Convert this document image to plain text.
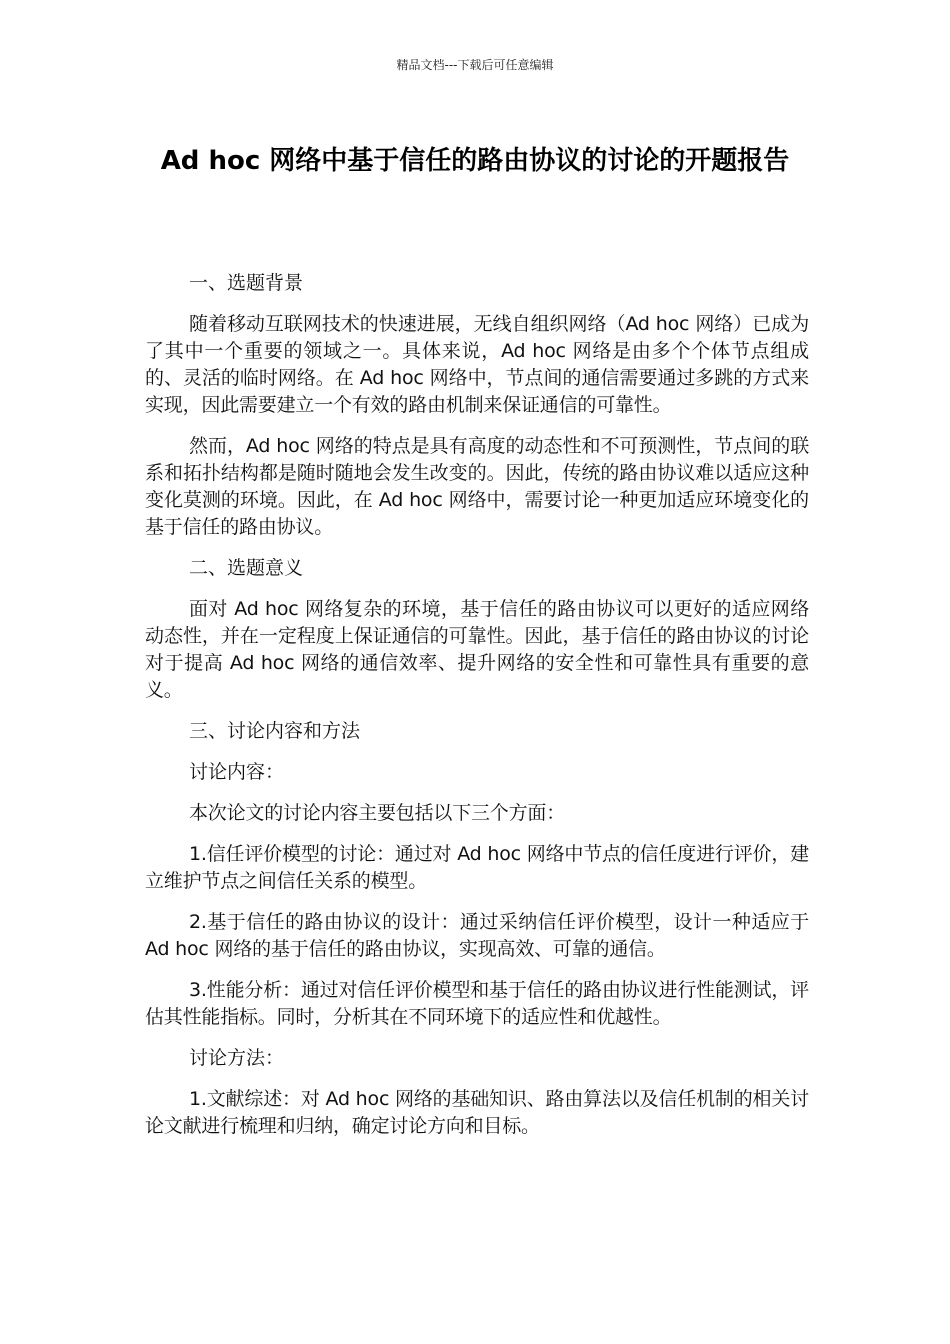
精品文档---下载后可任意编辑
Ad hoc 网络中基于信任的路由协议的讨论的开题报告

一、选题背景

随着移动互联网技术的快速进展，无线自组织网络（Ad hoc 网络）已成为了其中一个重要的领域之一。具体来说，Ad hoc 网络是由多个个体节点组成的、灵活的临时网络。在 Ad hoc 网络中，节点间的通信需要通过多跳的方式来实现，因此需要建立一个有效的路由机制来保证通信的可靠性。

然而，Ad hoc 网络的特点是具有高度的动态性和不可预测性，节点间的联系和拓扑结构都是随时随地会发生改变的。因此，传统的路由协议难以适应这种变化莫测的环境。因此，在 Ad hoc 网络中，需要讨论一种更加适应环境变化的基于信任的路由协议。

二、选题意义

面对 Ad hoc 网络复杂的环境，基于信任的路由协议可以更好的适应网络动态性，并在一定程度上保证通信的可靠性。因此，基于信任的路由协议的讨论对于提高 Ad hoc 网络的通信效率、提升网络的安全性和可靠性具有重要的意义。

三、讨论内容和方法

讨论内容：

本次论文的讨论内容主要包括以下三个方面：

1.信任评价模型的讨论：通过对 Ad hoc 网络中节点的信任度进行评价，建立维护节点之间信任关系的模型。

2.基于信任的路由协议的设计：通过采纳信任评价模型，设计一种适应于 Ad hoc 网络的基于信任的路由协议，实现高效、可靠的通信。

3.性能分析：通过对信任评价模型和基于信任的路由协议进行性能测试，评估其性能指标。同时，分析其在不同环境下的适应性和优越性。

讨论方法：

1.文献综述：对 Ad hoc 网络的基础知识、路由算法以及信任机制的相关讨论文献进行梳理和归纳，确定讨论方向和目标。
